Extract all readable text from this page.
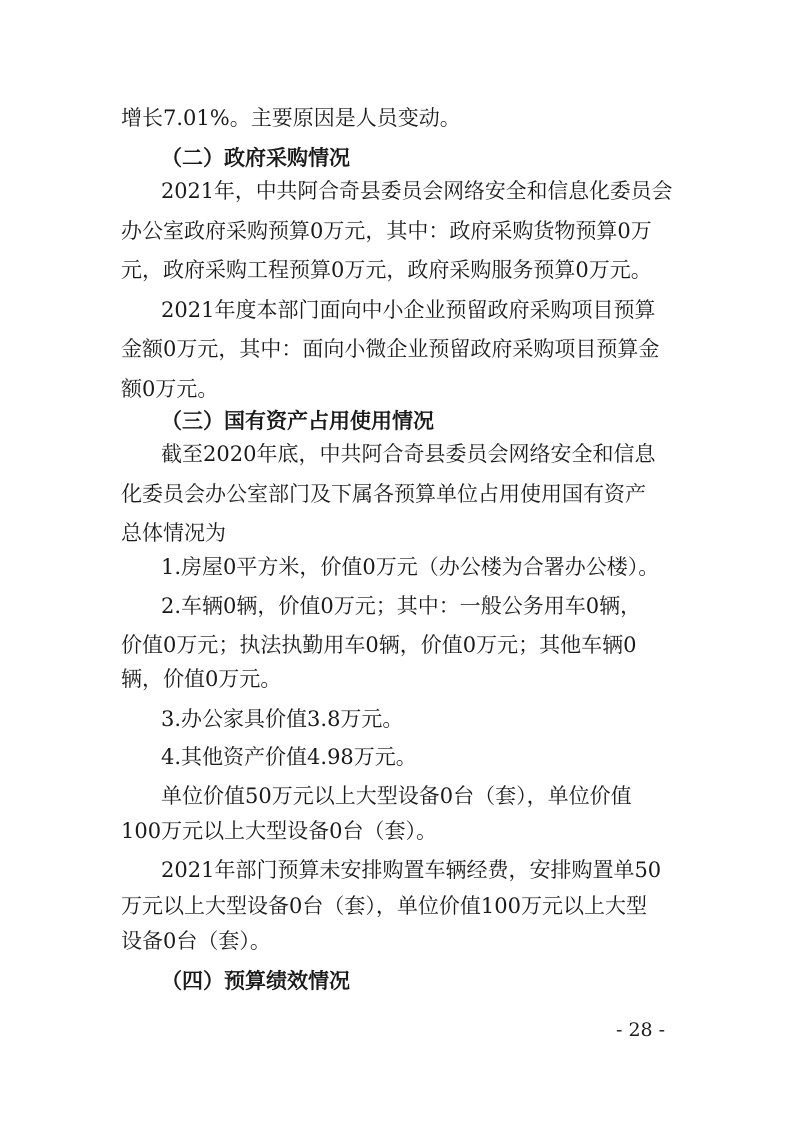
增长7.01%。主要原因是人员变动。
（二）政府采购情况
2021年，中共阿合奇县委员会网络安全和信息化委员会
办公室政府采购预算0万元，其中：政府采购货物预算0万
元，政府采购工程预算0万元，政府采购服务预算0万元。
2021年度本部门面向中小企业预留政府采购项目预算
金额0万元，其中：面向小微企业预留政府采购项目预算金
额0万元。
（三）国有资产占用使用情况
截至2020年底，中共阿合奇县委员会网络安全和信息
化委员会办公室部门及下属各预算单位占用使用国有资产
总体情况为
1.房屋0平方米，价值0万元（办公楼为合署办公楼）。
2.车辆0辆，价值0万元；其中：一般公务用车0辆，
价值0万元；执法执勤用车0辆，价值0万元；其他车辆0
辆，价值0万元。
3.办公家具价值3.8万元。
4.其他资产价值4.98万元。
单位价值50万元以上大型设备0台（套），单位价值
100万元以上大型设备0台（套）。
2021年部门预算未安排购置车辆经费，安排购置单50
万元以上大型设备0台（套），单位价值100万元以上大型
设备0台（套）。
（四）预算绩效情况
- 28 -
